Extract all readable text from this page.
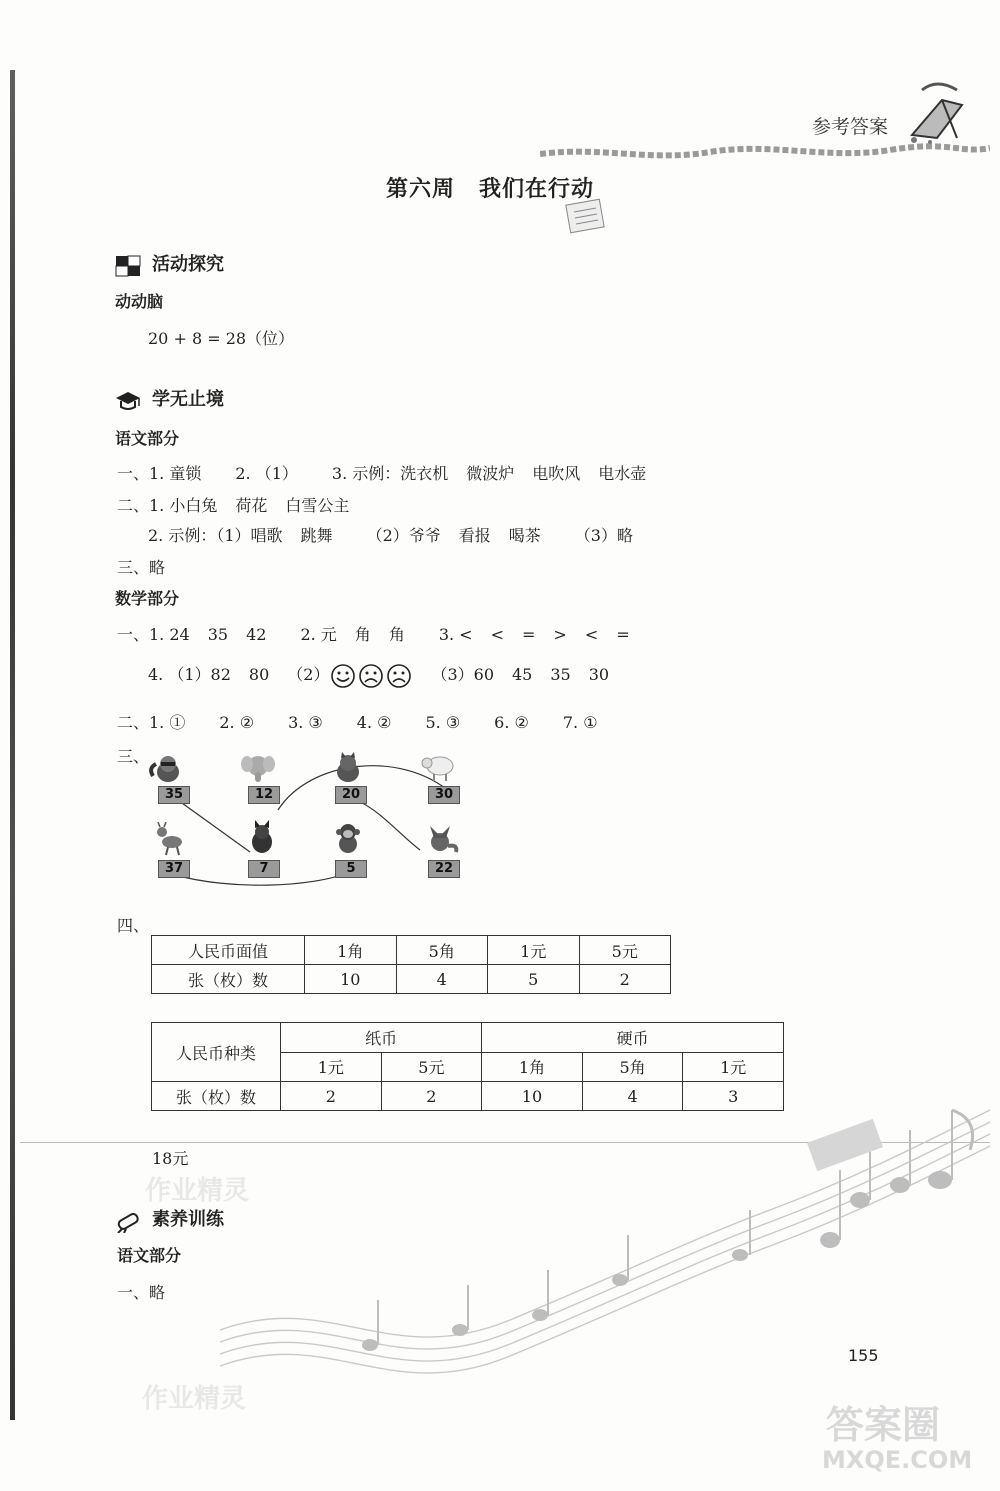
参考答案
第六周 我们在行动
活动探究
动动脑
20 + 8 = 28（位）
学无止境
语文部分
一、1. 童锁 2. （1） 3. 示例：洗衣机 微波炉 电吹风 电水壶
二、1. 小白兔 荷花 白雪公主
2. 示例：（1）唱歌 跳舞 （2）爷爷 看报 喝茶 （3）略
三、略
数学部分
一、1. 24 35 42 2. 元 角 角 3. < < = > < =
4. （1）82 80 （2）	（3）60 45 35 30
二、1. ① 2. ② 3. ③ 4. ② 5. ③ 6. ② 7. ①
三、
35	12	20	30
37	7	5	22
四、
人民币面值	1角	5角	1元	5元
张（枚）数	10	4	5	2
人民币种类	纸币		硬币		
	1元	5元	1角	5角	1元
张（枚）数	2	2	10	4	3
18元
作业精灵
素养训练
语文部分
一、略
155
作业精灵
答案圈
MXQE.COM
